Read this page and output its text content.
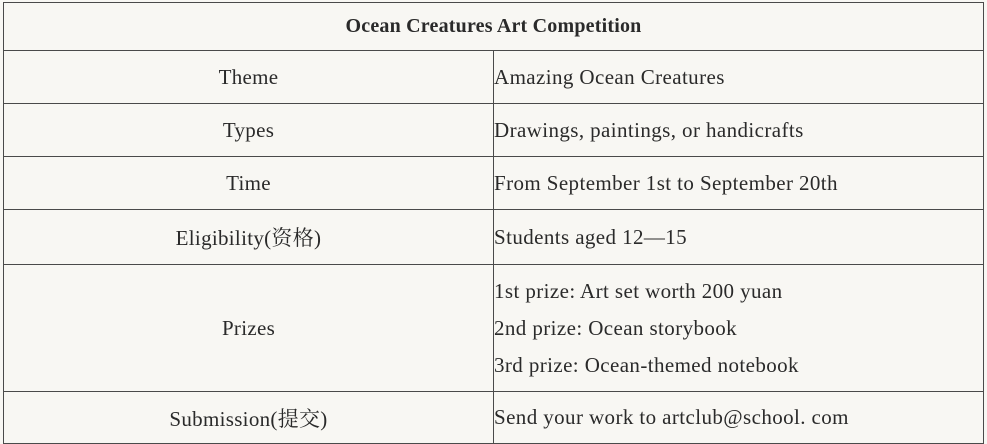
Ocean Creatures Art Competition	
Theme	Amazing Ocean Creatures
Types	Drawings, paintings, or handicrafts
Time	From September 1st to September 20th
Eligibility(资格)	Students aged 12—15
Prizes	1st prize: Art set worth 200 yuan
2nd prize: Ocean storybook
3rd prize: Ocean-themed notebook

Submission(提交)	Send your work to artclub@school. com
